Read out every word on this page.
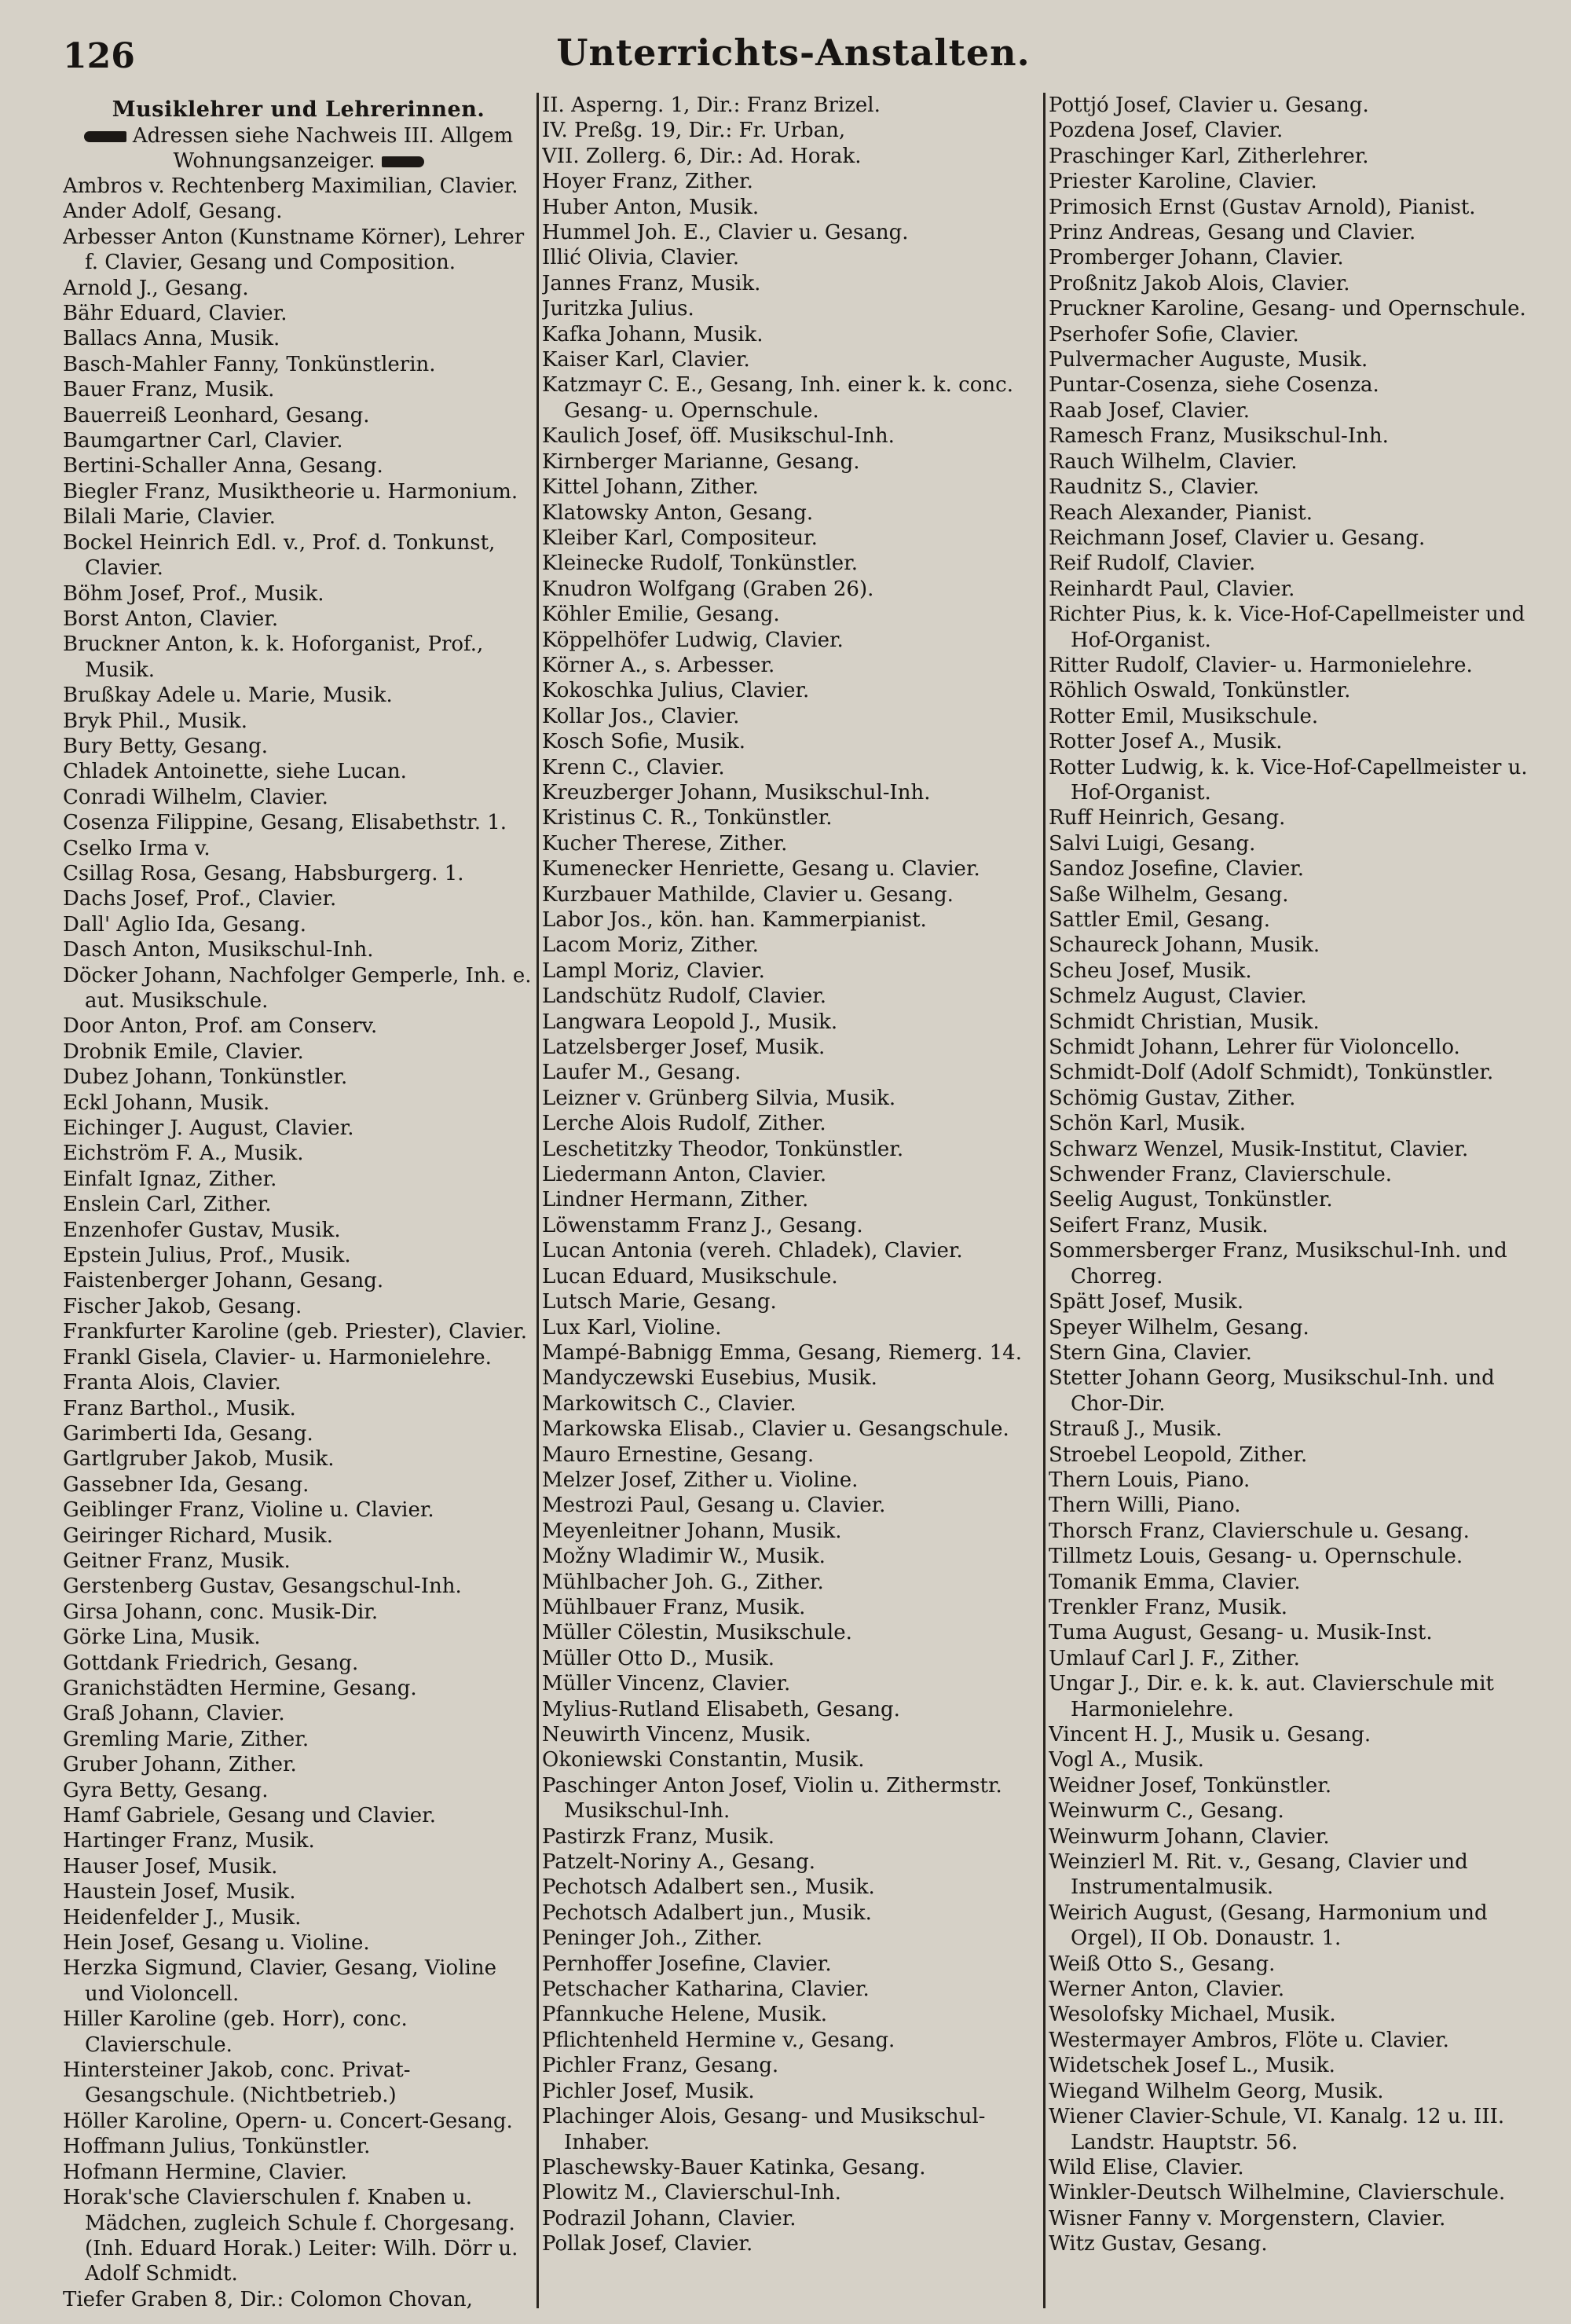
126	Unterrichts-Anstalten.
Musiklehrer und Lehrerinnen.
Adressen siehe Nachweis III. Allgem Wohnungsanzeiger.

Ambros v. Rechtenberg Maximilian, Clavier.

Ander Adolf, Gesang.

Arbesser Anton (Kunstname Körner), Lehrer f. Clavier, Gesang und Composition.

Arnold J., Gesang.

Bähr Eduard, Clavier.

Ballacs Anna, Musik.

Basch-Mahler Fanny, Tonkünstlerin.

Bauer Franz, Musik.

Bauerreiß Leonhard, Gesang.

Baumgartner Carl, Clavier.

Bertini-Schaller Anna, Gesang.

Biegler Franz, Musiktheorie u. Harmonium.

Bilali Marie, Clavier.

Bockel Heinrich Edl. v., Prof. d. Tonkunst, Clavier.

Böhm Josef, Prof., Musik.

Borst Anton, Clavier.

Bruckner Anton, k. k. Hoforganist, Prof., Musik.

Brußkay Adele u. Marie, Musik.

Bryk Phil., Musik.

Bury Betty, Gesang.

Chladek Antoinette, siehe Lucan.

Conradi Wilhelm, Clavier.

Cosenza Filippine, Gesang, Elisabethstr. 1.

Cselko Irma v.

Csillag Rosa, Gesang, Habsburgerg. 1.

Dachs Josef, Prof., Clavier.

Dall' Aglio Ida, Gesang.

Dasch Anton, Musikschul-Inh.

Döcker Johann, Nachfolger Gemperle, Inh. e. aut. Musikschule.

Door Anton, Prof. am Conserv.

Drobnik Emile, Clavier.

Dubez Johann, Tonkünstler.

Eckl Johann, Musik.

Eichinger J. August, Clavier.

Eichström F. A., Musik.

Einfalt Ignaz, Zither.

Enslein Carl, Zither.

Enzenhofer Gustav, Musik.

Epstein Julius, Prof., Musik.

Faistenberger Johann, Gesang.

Fischer Jakob, Gesang.

Frankfurter Karoline (geb. Priester), Clavier.

Frankl Gisela, Clavier- u. Harmonielehre.

Franta Alois, Clavier.

Franz Barthol., Musik.

Garimberti Ida, Gesang.

Gartlgruber Jakob, Musik.

Gassebner Ida, Gesang.

Geiblinger Franz, Violine u. Clavier.

Geiringer Richard, Musik.

Geitner Franz, Musik.

Gerstenberg Gustav, Gesangschul-Inh.

Girsa Johann, conc. Musik-Dir.

Görke Lina, Musik.

Gottdank Friedrich, Gesang.

Granichstädten Hermine, Gesang.

Graß Johann, Clavier.

Gremling Marie, Zither.

Gruber Johann, Zither.

Gyra Betty, Gesang.

Hamf Gabriele, Gesang und Clavier.

Hartinger Franz, Musik.

Hauser Josef, Musik.

Haustein Josef, Musik.

Heidenfelder J., Musik.

Hein Josef, Gesang u. Violine.

Herzka Sigmund, Clavier, Gesang, Violine und Violoncell.

Hiller Karoline (geb. Horr), conc. Clavierschule.

Hintersteiner Jakob, conc. Privat-Gesangschule. (Nichtbetrieb.)

Höller Karoline, Opern- u. Concert-Gesang.

Hoffmann Julius, Tonkünstler.

Hofmann Hermine, Clavier.

Horak'sche Clavierschulen f. Knaben u. Mädchen, zugleich Schule f. Chorgesang. (Inh. Eduard Horak.) Leiter: Wilh. Dörr u. Adolf Schmidt.

Tiefer Graben 8, Dir.: Colomon Chovan,

II. Asperng. 1, Dir.: Franz Brizel.

IV. Preßg. 19, Dir.: Fr. Urban,

VII. Zollerg. 6, Dir.: Ad. Horak.

Hoyer Franz, Zither.

Huber Anton, Musik.

Hummel Joh. E., Clavier u. Gesang.

Illić Olivia, Clavier.

Jannes Franz, Musik.

Juritzka Julius.

Kafka Johann, Musik.

Kaiser Karl, Clavier.

Katzmayr C. E., Gesang, Inh. einer k. k. conc. Gesang- u. Opernschule.

Kaulich Josef, öff. Musikschul-Inh.

Kirnberger Marianne, Gesang.

Kittel Johann, Zither.

Klatowsky Anton, Gesang.

Kleiber Karl, Compositeur.

Kleinecke Rudolf, Tonkünstler.

Knudron Wolfgang (Graben 26).

Köhler Emilie, Gesang.

Köppelhöfer Ludwig, Clavier.

Körner A., s. Arbesser.

Kokoschka Julius, Clavier.

Kollar Jos., Clavier.

Kosch Sofie, Musik.

Krenn C., Clavier.

Kreuzberger Johann, Musikschul-Inh.

Kristinus C. R., Tonkünstler.

Kucher Therese, Zither.

Kumenecker Henriette, Gesang u. Clavier.

Kurzbauer Mathilde, Clavier u. Gesang.

Labor Jos., kön. han. Kammerpianist.

Lacom Moriz, Zither.

Lampl Moriz, Clavier.

Landschütz Rudolf, Clavier.

Langwara Leopold J., Musik.

Latzelsberger Josef, Musik.

Laufer M., Gesang.

Leizner v. Grünberg Silvia, Musik.

Lerche Alois Rudolf, Zither.

Leschetitzky Theodor, Tonkünstler.

Liedermann Anton, Clavier.

Lindner Hermann, Zither.

Löwenstamm Franz J., Gesang.

Lucan Antonia (vereh. Chladek), Clavier.

Lucan Eduard, Musikschule.

Lutsch Marie, Gesang.

Lux Karl, Violine.

Mampé-Babnigg Emma, Gesang, Riemerg. 14.

Mandyczewski Eusebius, Musik.

Markowitsch C., Clavier.

Markowska Elisab., Clavier u. Gesangschule.

Mauro Ernestine, Gesang.

Melzer Josef, Zither u. Violine.

Mestrozi Paul, Gesang u. Clavier.

Meyenleitner Johann, Musik.

Možny Wladimir W., Musik.

Mühlbacher Joh. G., Zither.

Mühlbauer Franz, Musik.

Müller Cölestin, Musikschule.

Müller Otto D., Musik.

Müller Vincenz, Clavier.

Mylius-Rutland Elisabeth, Gesang.

Neuwirth Vincenz, Musik.

Okoniewski Constantin, Musik.

Paschinger Anton Josef, Violin u. Zithermstr. Musikschul-Inh.

Pastirzk Franz, Musik.

Patzelt-Noriny A., Gesang.

Pechotsch Adalbert sen., Musik.

Pechotsch Adalbert jun., Musik.

Peninger Joh., Zither.

Pernhoffer Josefine, Clavier.

Petschacher Katharina, Clavier.

Pfannkuche Helene, Musik.

Pflichtenheld Hermine v., Gesang.

Pichler Franz, Gesang.

Pichler Josef, Musik.

Plachinger Alois, Gesang- und Musikschul-Inhaber.

Plaschewsky-Bauer Katinka, Gesang.

Plowitz M., Clavierschul-Inh.

Podrazil Johann, Clavier.

Pollak Josef, Clavier.

Pottjó Josef, Clavier u. Gesang.

Pozdena Josef, Clavier.

Praschinger Karl, Zitherlehrer.

Priester Karoline, Clavier.

Primosich Ernst (Gustav Arnold), Pianist.

Prinz Andreas, Gesang und Clavier.

Promberger Johann, Clavier.

Proßnitz Jakob Alois, Clavier.

Pruckner Karoline, Gesang- und Opernschule.

Pserhofer Sofie, Clavier.

Pulvermacher Auguste, Musik.

Puntar-Cosenza, siehe Cosenza.

Raab Josef, Clavier.

Ramesch Franz, Musikschul-Inh.

Rauch Wilhelm, Clavier.

Raudnitz S., Clavier.

Reach Alexander, Pianist.

Reichmann Josef, Clavier u. Gesang.

Reif Rudolf, Clavier.

Reinhardt Paul, Clavier.

Richter Pius, k. k. Vice-Hof-Capellmeister und Hof-Organist.

Ritter Rudolf, Clavier- u. Harmonielehre.

Röhlich Oswald, Tonkünstler.

Rotter Emil, Musikschule.

Rotter Josef A., Musik.

Rotter Ludwig, k. k. Vice-Hof-Capellmeister u. Hof-Organist.

Ruff Heinrich, Gesang.

Salvi Luigi, Gesang.

Sandoz Josefine, Clavier.

Saße Wilhelm, Gesang.

Sattler Emil, Gesang.

Schaureck Johann, Musik.

Scheu Josef, Musik.

Schmelz August, Clavier.

Schmidt Christian, Musik.

Schmidt Johann, Lehrer für Violoncello.

Schmidt-Dolf (Adolf Schmidt), Tonkünstler.

Schömig Gustav, Zither.

Schön Karl, Musik.

Schwarz Wenzel, Musik-Institut, Clavier.

Schwender Franz, Clavierschule.

Seelig August, Tonkünstler.

Seifert Franz, Musik.

Sommersberger Franz, Musikschul-Inh. und Chorreg.

Spätt Josef, Musik.

Speyer Wilhelm, Gesang.

Stern Gina, Clavier.

Stetter Johann Georg, Musikschul-Inh. und Chor-Dir.

Strauß J., Musik.

Stroebel Leopold, Zither.

Thern Louis, Piano.

Thern Willi, Piano.

Thorsch Franz, Clavierschule u. Gesang.

Tillmetz Louis, Gesang- u. Opernschule.

Tomanik Emma, Clavier.

Trenkler Franz, Musik.

Tuma August, Gesang- u. Musik-Inst.

Umlauf Carl J. F., Zither.

Ungar J., Dir. e. k. k. aut. Clavierschule mit Harmonielehre.

Vincent H. J., Musik u. Gesang.

Vogl A., Musik.

Weidner Josef, Tonkünstler.

Weinwurm C., Gesang.

Weinwurm Johann, Clavier.

Weinzierl M. Rit. v., Gesang, Clavier und Instrumentalmusik.

Weirich August, (Gesang, Harmonium und Orgel), II Ob. Donaustr. 1.

Weiß Otto S., Gesang.

Werner Anton, Clavier.

Wesolofsky Michael, Musik.

Westermayer Ambros, Flöte u. Clavier.

Widetschek Josef L., Musik.

Wiegand Wilhelm Georg, Musik.

Wiener Clavier-Schule, VI. Kanalg. 12 u. III. Landstr. Hauptstr. 56.

Wild Elise, Clavier.

Winkler-Deutsch Wilhelmine, Clavierschule.

Wisner Fanny v. Morgenstern, Clavier.

Witz Gustav, Gesang.
